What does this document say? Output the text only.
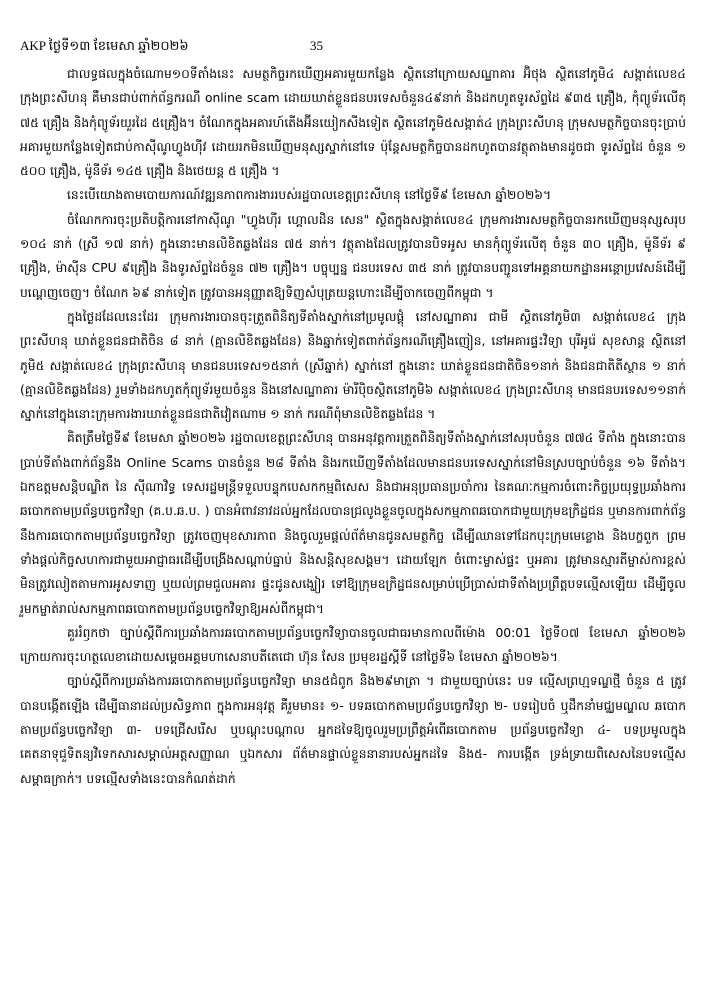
AKP ថ្ងៃទី១៣ ខែមេសា ឆ្នាំ២០២៦	35

ជាលទ្ធផលក្នុងចំណោម១០ទីតាំងនេះ សមត្ថកិច្ចរកឃើញអគារមួយកន្លែង ស្ថិតនៅក្រោយសណ្ឋាគារ អ៊ិថុង ស្ថិតនៅភូមិ៤ សង្កាត់លេខ៤ ក្រុងព្រះសីហនុ គឺមានជាប់ពាក់ព័ន្ធករណី online scam ដោយឃាត់ខ្លួនជនបរទេសចំនួន៤៩នាក់ និងដកហូតទូរស័ព្ទដៃ ៩៣៥ គ្រឿង, កុំព្យូទ័រលើតុ ៧៥ គ្រឿង និងកុំព្យូទ័រយួរដៃ ៥គ្រឿង។ ចំណែកក្នុងអគារហ៍តេីងអ៊ីនយៀកសីងទៀត ស្ថិតនៅភូមិ៥សង្កាត់៤ ក្រុងព្រះសីហនុ ក្រុមសមត្ថកិច្ចបានចុះប្រាប់អគារមួយកន្លែងទៀតជាប់កាស៊ីណូហ្វូងហ៊ីវ ដោយរកមិនឃើញមនុស្សស្នាក់នៅទេ ប៉ុន្តែសមត្ថកិច្ចបានដកហូតបានវត្ថុតាងមានដូចជា ទូរស័ព្ទដៃ ចំនួន ១ ៥០០ គ្រឿង, ម៉ូនីទ័រ ១៤៥ គ្រឿង និងថេយន្ត ៥ គ្រឿង ។

នេះបើយោងតាមបោយការណ៍វឌ្ឍនភាពការងាររបស់រដ្ឋបាលខេត្តព្រះសីហនុ នៅថ្ងៃទី៩ ខែមេសា ឆ្នាំ២០២៦។

ចំណែកការចុះប្រតិបត្តិការនៅកាស៊ីណូ "ហ្វូងហ៊ីរ ហ្គោលដិន សេន" ស្ថិតក្នុងសង្កាត់លេខ៤ ក្រុមការងារសមត្ថកិច្ចបានរកឃើញមនុស្សសរុប ១០៤ នាក់ (ស្រី ១៧ នាក់) ក្នុងនោះមានលិខិតឆ្លងដែន ៧៥ នាក់។ វត្ថុតាងដែលត្រូវបានបិទអូស មានកុំព្យូទ័រលើតុ ចំនួន ៣០ គ្រឿង, ម៉ូនីទ័រ ៩ គ្រឿង, ម៉ាស៊ីន CPU ៩គ្រឿង និងទូរស័ព្ទដៃចំនួន ៧២ គ្រឿង។ បច្ចុប្បន្ន ជនបរទេស ៣៥ នាក់ ត្រូវបានបញ្ជូនទៅអគ្គនាយកដ្ឋានអន្តោប្រវេសន៍ដើម្បីបណ្តេញចេញ។ ចំណែក ៦៩ នាក់ទៀត ត្រូវបានអនុញ្ញាតឱ្យទិញសំបុត្រយន្តហោះដើម្បីចាកចេញពីកម្ពុជា ។

ក្នុងថ្ងៃដដែលនេះដែរ ក្រុមការងារបានចុះត្រួតពិនិត្យទីតាំងស្នាក់នៅប្រមូលផ្តុំ នៅសណ្ឋាគារ ជាមី ស្ថិតនៅភូមិ៣ សង្កាត់លេខ៤ ក្រុងព្រះសីហនុ ឃាត់ខ្លួនជនជាតិចិន ៨ នាក់ (គ្មានលិខិតឆ្លងដែន) និងឆ្នាក់ទៀតពាក់ព័ន្ធករណីគ្រឿងញៀន, នៅអគារផ្ទះវិទ្យា បុរីអូរ៉េ សុខសាន្ត ស្ថិតនៅភូមិ៥ សង្កាត់លេខ៤ ក្រុងព្រះសីហនុ មានជនបរទេស១៥នាក់ (ស្រីឆ្នាក់) ស្នាក់នៅ ក្នុងនោះ ឃាត់ខ្លួនជនជាតិចិន១នាក់ និងជនជាតិតីស្ថាន ១ នាក់ (គ្មានលិខិតឆ្លងដែន) រួមទាំងដកហូតកុំព្យូទ័រមួយចំនួន និងនៅសណ្ឋាគារ ម៉ារីប៉ិចស្ថិតនៅភូមិ៦ សង្កាត់លេខ៤ ក្រុងព្រះសីហនុ មានជនបរទេស១១នាក់ស្នាក់នៅក្នុងនោះក្រុមការងារឃាត់ខ្លួនជនជាតិវៀតណាម ១ នាក់ ករណីពុំមានលិខិតឆ្លងដែន ។

គិតត្រឹមថ្ងៃទី៩ ខែមេសា ឆ្នាំ២០២៦ រដ្ឋបាលខេត្តព្រះសីហនុ បានអនុវត្តការត្រួតពិនិត្យទីតាំងស្នាក់នៅសរុបចំនួន ៧៧៤ ទីតាំង ក្នុងនោះបានប្រាប់ទីតាំងពាក់ព័ន្ធនឹង Online Scams បានចំនួន ២៨ ទីតាំង និងរកឃើញទីតាំងដែលមានជនបរទេសស្នាក់នៅមិនស្របច្បាប់ចំនួន ១៦ ទីតាំង។ឯកឧត្តមសន្តិបណ្ឌិត នៃ ស៊ីណាវិទ្ធ ទេសរដ្ឋមន្ត្រីទទួលបន្ទុកបេសកកម្មពិសេស និងជាអនុប្រធានប្រចាំការ នៃគណៈកម្មការចំពោះកិច្ចប្រយុទ្ធប្រឆាំងការឆបោកតាមប្រព័ន្ធបច្ចេកវិទ្យា (គ.ប.ឆ.ប. ) បានអំពាវនាវដល់អ្នកដែលបានជ្រលូងខ្លួនចូលក្នុងសកម្មភាពឆបោកជាមួយក្រុមឧក្រិដ្ឋជន ឬមានការពាក់ព័ន្ធនឹងការឆបោកតាមប្រព័ន្ធបច្ចេកវិទ្យា ត្រូវចេញមុខសារភាព និងចូលរួមផ្តល់ព័ត៌មានជូនសមត្ថកិច្ច ដើម្បីឈានទៅដែកបុះក្រុមមេខ្លោង និងបក្ខពួក ព្រមទាំងផ្តល់កិច្ចសហការជាមួយអាជ្ញាធរដើម្បីបង្រើងសណ្តាប់ធ្នាប់ និងសន្តិសុខសង្គម។ ដោយឡែក ចំពោះម្ចាស់ផ្ទះ ឬអគារ ត្រូវមានស្មារតីម្ចាស់ការខ្ពស់ មិនត្រូវលៀតតាមការអូសទាញ ឬយល់ព្រមជួលអគារ ផ្ទះជូនសង្ឃៀរ ទៅឱ្យក្រុមឧក្រិដ្ឋជនសម្រាប់ប្រើប្រាស់ជាទីតាំងប្រព្រឹត្តបទល្មើសឡើយ ដើម្បីចូលរួមកម្ចាត់រាល់សកម្មភាពឆបោកតាមប្រព័ន្ធបច្ចេកវិទ្យាឱ្យអស់ពីកម្ពុជា។

គួររំឭកថា ច្បាប់ស្តីពីការប្រឆាំងការឆបោកតាមប្រព័ន្ធបច្ចេកវិទ្យាបានចូលជាធរមានកាលពីម៉ោង 00:01 ថ្ងៃទី០៧ ខែមេសា ឆ្នាំ២០២៦ ក្រោយការចុះហត្ថលេខាដោយសម្តេចអគ្គមហាសេនាបតីតេជោ ហ៊ុន សែន ប្រមុខរដ្ឋស្តីទី នៅថ្ងៃទី៦ ខែមេសា ឆ្នាំ២០២៦។

ច្បាប់ស្តីពីការប្រឆាំងការឆបោកតាមប្រព័ន្ធបច្ចេកវិទ្យា មាន៥ជំពូក និង២៩មាត្រា ។ ជាមួយច្បាប់នេះ បទ ល្មើសព្រហ្មទណ្ឌថ្មី ចំនួន ៥ ត្រូវ បានបង្កើតឡើង ដើម្បីធានាដល់ប្រសិទ្ធភាព ក្នុងការអនុវត្ត គឺរួមមាន៖ ១- បទឆបោកតាមប្រព័ន្ធបច្ចេកវិទ្យា ២- បទរៀបចំ ឬដឹកនាំមជ្ឈមណ្ឌល ឆបោកតាមប្រព័ន្ធបច្ចេកវិទ្យា ៣- បទជ្រើសរើស ឬបណ្តុះបណ្តាល អ្នកដទៃឱ្យចូលរួមប្រព្រឹត្តអំពើឆបោកតាម ប្រព័ន្ធបច្ចេកវិទ្យា ៤- បទប្រមូលក្នុងគេតនាទុជួទិតន្យវិទេកសារសម្គាល់អត្តសញ្ញាណ ឬឯកសារ ព័ត៌មានផ្ទាល់ខ្លួននានារបស់អ្នកដទៃ និង៥- ការបង្កើត ទ្រង់ទ្រាយពិសេសនៃបទល្មើសសម្ពាធក្រាក់។ បទល្មើសទាំងនេះបានកំណត់ដាក់
